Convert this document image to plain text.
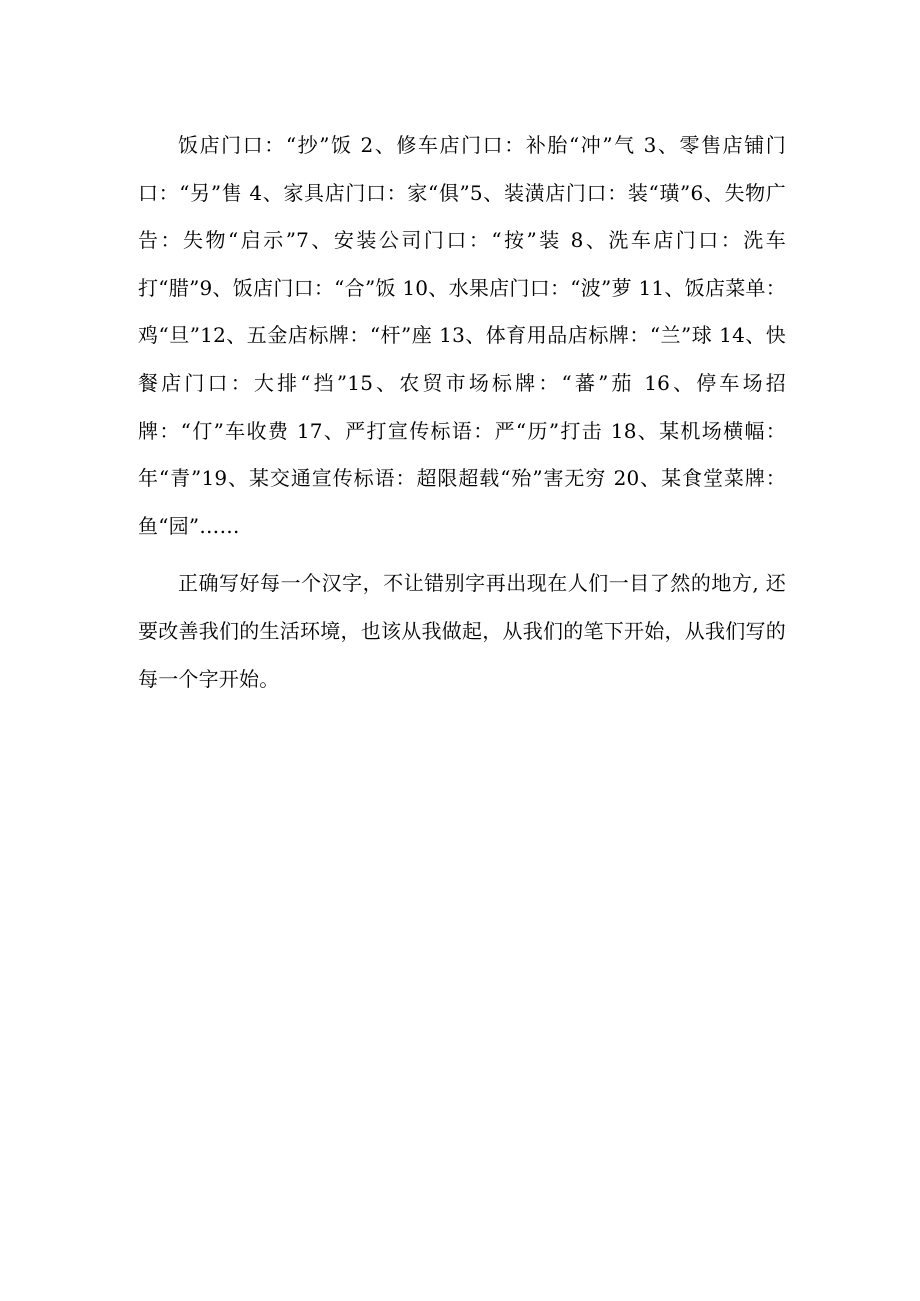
饭店门口：“抄”饭 2、修车店门口：补胎“冲”气 3、零售店铺门口：“另”售 4、家具店门口：家“俱”5、装潢店门口：装“璜”6、失物广告：失物“启示”7、安装公司门口：“按”装 8、洗车店门口：洗车打“腊”9、饭店门口：“合”饭 10、水果店门口：“波”萝 11、饭店菜单：鸡“旦”12、五金店标牌：“杆”座 13、体育用品店标牌：“兰”球 14、快餐店门口：大排“挡”15、农贸市场标牌：“蕃”茄 16、停车场招牌：“仃”车收费 17、严打宣传标语：严“历”打击 18、某机场横幅：年“青”19、某交通宣传标语：超限超载“殆”害无穷 20、某食堂菜牌：鱼“园”……

正确写好每一个汉字，不让错别字再出现在人们一目了然的地方, 还要改善我们的生活环境，也该从我做起，从我们的笔下开始，从我们写的每一个字开始。
